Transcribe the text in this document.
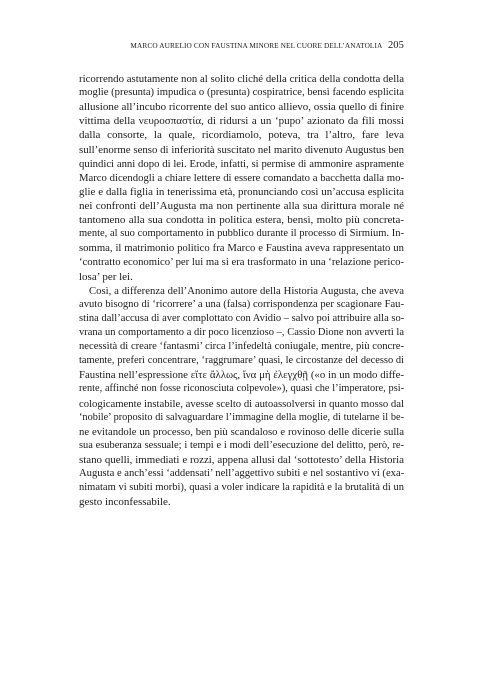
MARCO AURELIO CON FAUSTINA MINORE NEL CUORE DELL’ANATOLIA 205
ricorrendo astutamente non al solito cliché della critica della condotta della
moglie (presunta) impudica o (presunta) cospiratrice, bensì facendo esplicita
allusione all’incubo ricorrente del suo antico allievo, ossia quello di finire
vittima della νευροσπαστία, di ridursi a un ‘pupo’ azionato da fili mossi
dalla consorte, la quale, ricordiamolo, poteva, tra l’altro, fare leva
sull’enorme senso di inferiorità suscitato nel marito divenuto Augustus ben
quindici anni dopo di lei. Erode, infatti, si permise di ammonire aspramente
Marco dicendogli a chiare lettere di essere comandato a bacchetta dalla mo-
glie e dalla figlia in tenerissima età, pronunciando così un’accusa esplicita
nei confronti dell’Augusta ma non pertinente alla sua dirittura morale né
tantomeno alla sua condotta in politica estera, bensì, molto più concreta-
mente, al suo comportamento in pubblico durante il processo di Sirmium. In-
somma, il matrimonio politico fra Marco e Faustina aveva rappresentato un
‘contratto economico’ per lui ma si era trasformato in una ‘relazione perico-
losa’ per lei.
Così, a differenza dell’Anonimo autore della Historia Augusta, che aveva
avuto bisogno di ‘ricorrere’ a una (falsa) corrispondenza per scagionare Fau-
stina dall’accusa di aver complottato con Avidio – salvo poi attribuire alla so-
vrana un comportamento a dir poco licenzioso –, Cassio Dione non avvertì la
necessità di creare ‘fantasmi’ circa l’infedeltà coniugale, mentre, più concre-
tamente, preferì concentrare, ‘raggrumare’ quasi, le circostanze del decesso di
Faustina nell’espressione εἴτε ἄλλως, ἵνα μὴ ἐλεγχθῇ («o in un modo diffe-
rente, affinché non fosse riconosciuta colpevole»), quasi che l’imperatore, psi-
cologicamente instabile, avesse scelto di autoassolversi in quanto mosso dal
‘nobile’ proposito di salvaguardare l’immagine della moglie, di tutelarne il be-
ne evitandole un processo, ben più scandaloso e rovinoso delle dicerie sulla
sua esuberanza sessuale; i tempi e i modi dell’esecuzione del delitto, però, re-
stano quelli, immediati e rozzi, appena allusi dal ‘sottotesto’ della Historia
Augusta e anch’essi ‘addensati’ nell’aggettivo subiti e nel sostantivo vi (exa-
nimatam vi subiti morbi), quasi a voler indicare la rapidità e la brutalità di un
gesto inconfessabile.
